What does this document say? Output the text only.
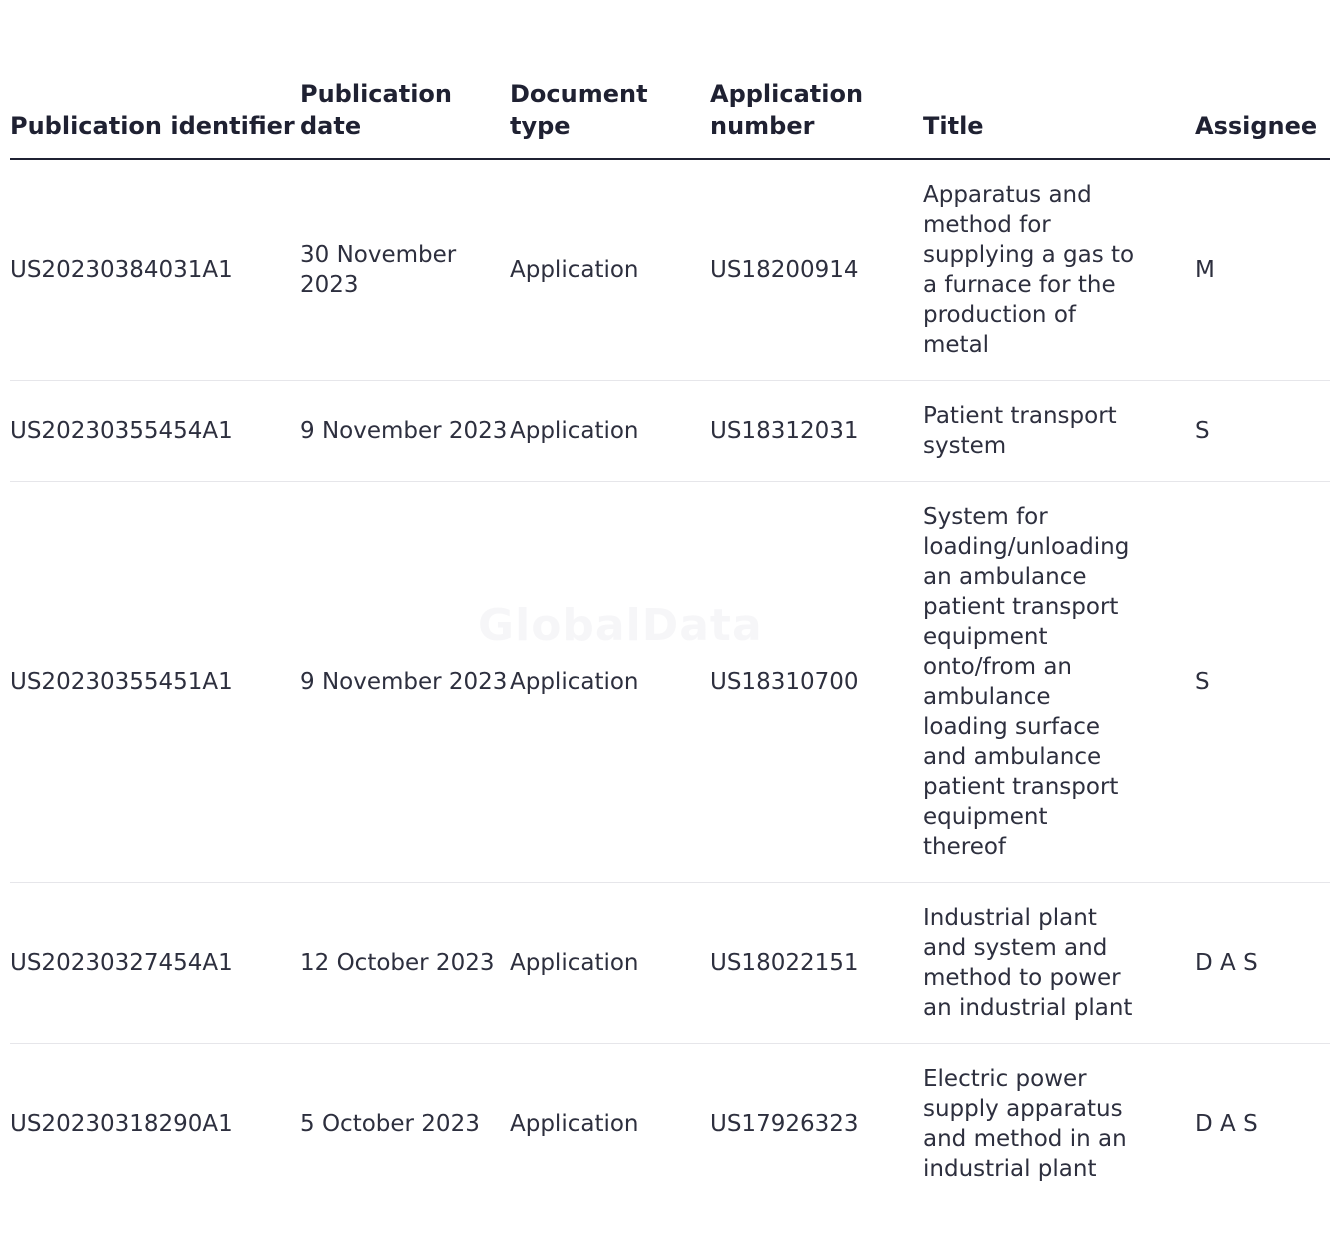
Publication identifier	Publication date	Document type	Application number	Title	Assignee
US20230384031A1	30 November 2023	Application	US18200914	Apparatus and method for supplying a gas to a furnace for the production of metal	M
US20230355454A1	9 November 2023	Application	US18312031	Patient transport system	S
US20230355451A1	9 November 2023	Application	US18310700	System for loading/unloading an ambulance patient transport equipment onto/from an ambulance loading surface and ambulance patient transport equipment thereof	S
US20230327454A1	12 October 2023	Application	US18022151	Industrial plant and system and method to power an industrial plant	D A S
US20230318290A1	5 October 2023	Application	US17926323	Electric power supply apparatus and method in an industrial plant	D A S
GlobalData
